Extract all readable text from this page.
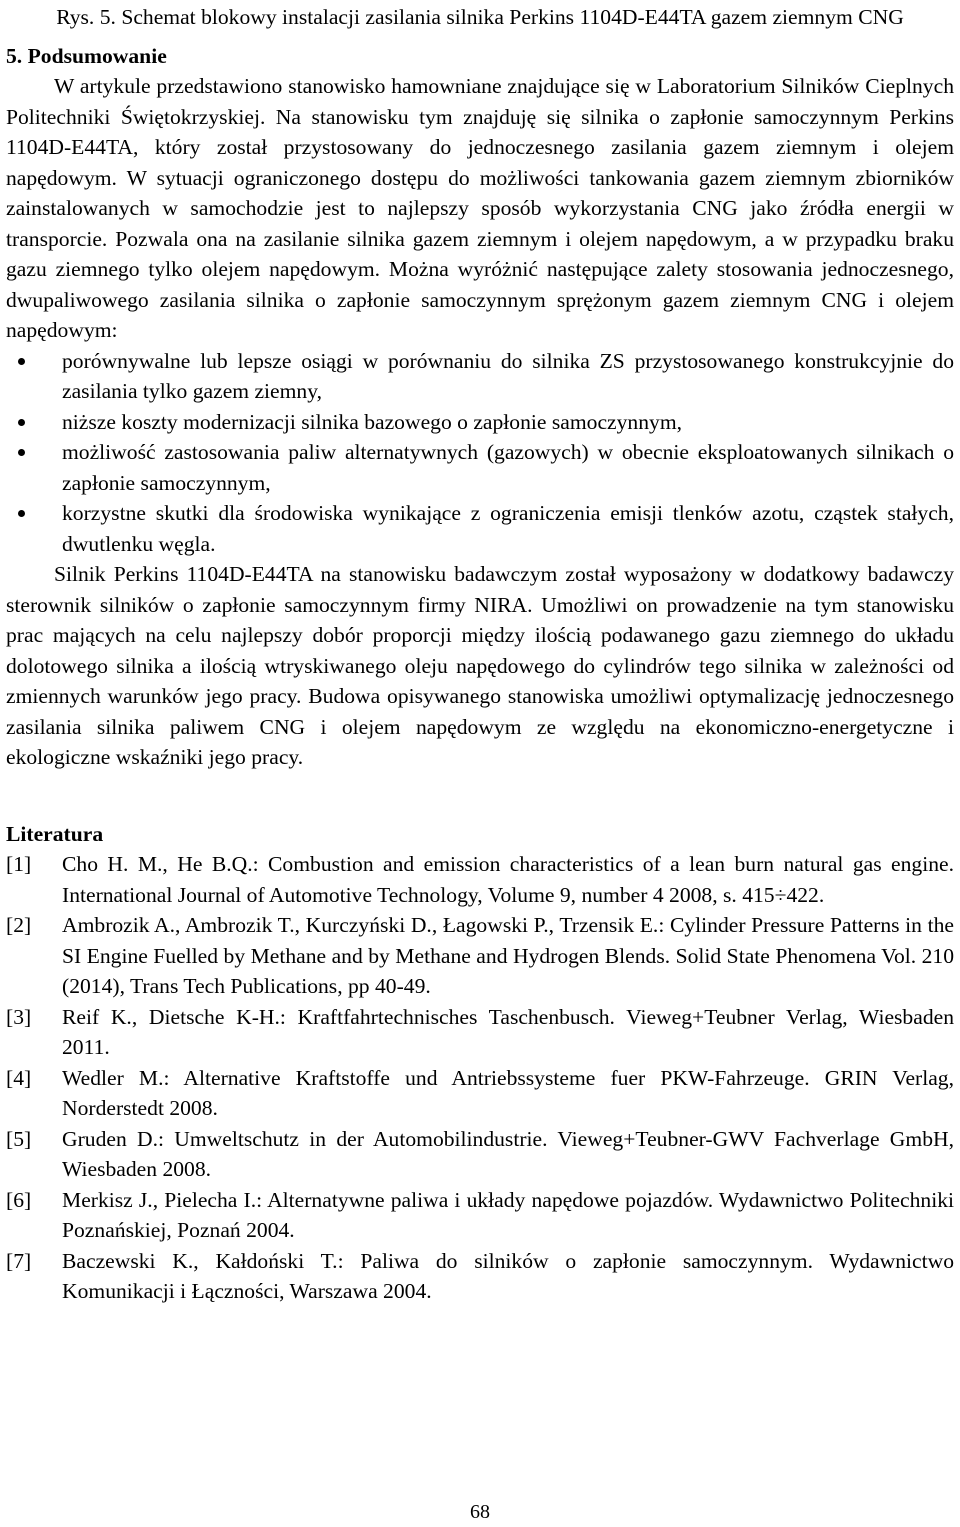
Rys. 5. Schemat blokowy instalacji zasilania silnika Perkins 1104D-E44TA gazem ziemnym CNG

5. Podsumowanie

W artykule przedstawiono stanowisko hamowniane znajdujące się w Laboratorium Silników Cieplnych Politechniki Świętokrzyskiej. Na stanowisku tym znajduję się silnika o zapłonie samoczynnym Perkins 1104D-E44TA, który został przystosowany do jednoczesnego zasilania gazem ziemnym i olejem napędowym. W sytuacji ograniczonego dostępu do możliwości tankowania gazem ziemnym zbiorników zainstalowanych w samochodzie jest to najlepszy sposób wykorzystania CNG jako źródła energii w transporcie. Pozwala ona na zasilanie silnika gazem ziemnym i olejem napędowym, a w przypadku braku gazu ziemnego tylko olejem napędowym. Można wyróżnić następujące zalety stosowania jednoczesnego, dwupaliwowego zasilania silnika o zapłonie samoczynnym sprężonym gazem ziemnym CNG i olejem napędowym:

porównywalne lub lepsze osiągi w porównaniu do silnika ZS przystosowanego konstrukcyjnie do zasilania tylko gazem ziemny,
niższe koszty modernizacji silnika bazowego o zapłonie samoczynnym,
możliwość zastosowania paliw alternatywnych (gazowych) w obecnie eksploatowanych silnikach o zapłonie samoczynnym,
korzystne skutki dla środowiska wynikające z ograniczenia emisji tlenków azotu, cząstek stałych, dwutlenku węgla.

Silnik Perkins 1104D-E44TA na stanowisku badawczym został wyposażony w dodatkowy badawczy sterownik silników o zapłonie samoczynnym firmy NIRA. Umożliwi on prowadzenie na tym stanowisku prac mających na celu najlepszy dobór proporcji między ilością podawanego gazu ziemnego do układu dolotowego silnika a ilością wtryskiwanego oleju napędowego do cylindrów tego silnika w zależności od zmiennych warunków jego pracy. Budowa opisywanego stanowiska umożliwi optymalizację jednoczesnego zasilania silnika paliwem CNG i olejem napędowym ze względu na ekonomiczno-energetyczne i ekologiczne wskaźniki jego pracy.

Literatura
[1]	Cho H. M., He B.Q.: Combustion and emission characteristics of a lean burn natural gas engine. International Journal of Automotive Technology, Volume 9, number 4 2008, s. 415÷422.
[2]	Ambrozik A., Ambrozik T., Kurczyński D., Łagowski P., Trzensik E.: Cylinder Pressure Patterns in the SI Engine Fuelled by Methane and by Methane and Hydrogen Blends. Solid State Phenomena Vol. 210 (2014), Trans Tech Publications, pp 40-49.
[3]	Reif K., Dietsche K-H.: Kraftfahrtechnisches Taschenbusch. Vieweg+Teubner Verlag, Wiesbaden 2011.
[4]	Wedler M.: Alternative Kraftstoffe und Antriebssysteme fuer PKW-Fahrzeuge. GRIN Verlag, Norderstedt 2008.
[5]	Gruden D.: Umweltschutz in der Automobilindustrie. Vieweg+Teubner-GWV Fachverlage GmbH, Wiesbaden 2008.
[6]	Merkisz J., Pielecha I.: Alternatywne paliwa i układy napędowe pojazdów. Wydawnictwo Politechniki Poznańskiej, Poznań 2004.
[7]	Baczewski K., Kałdoński T.: Paliwa do silników o zapłonie samoczynnym. Wydawnictwo Komunikacji i Łączności, Warszawa 2004.
68
